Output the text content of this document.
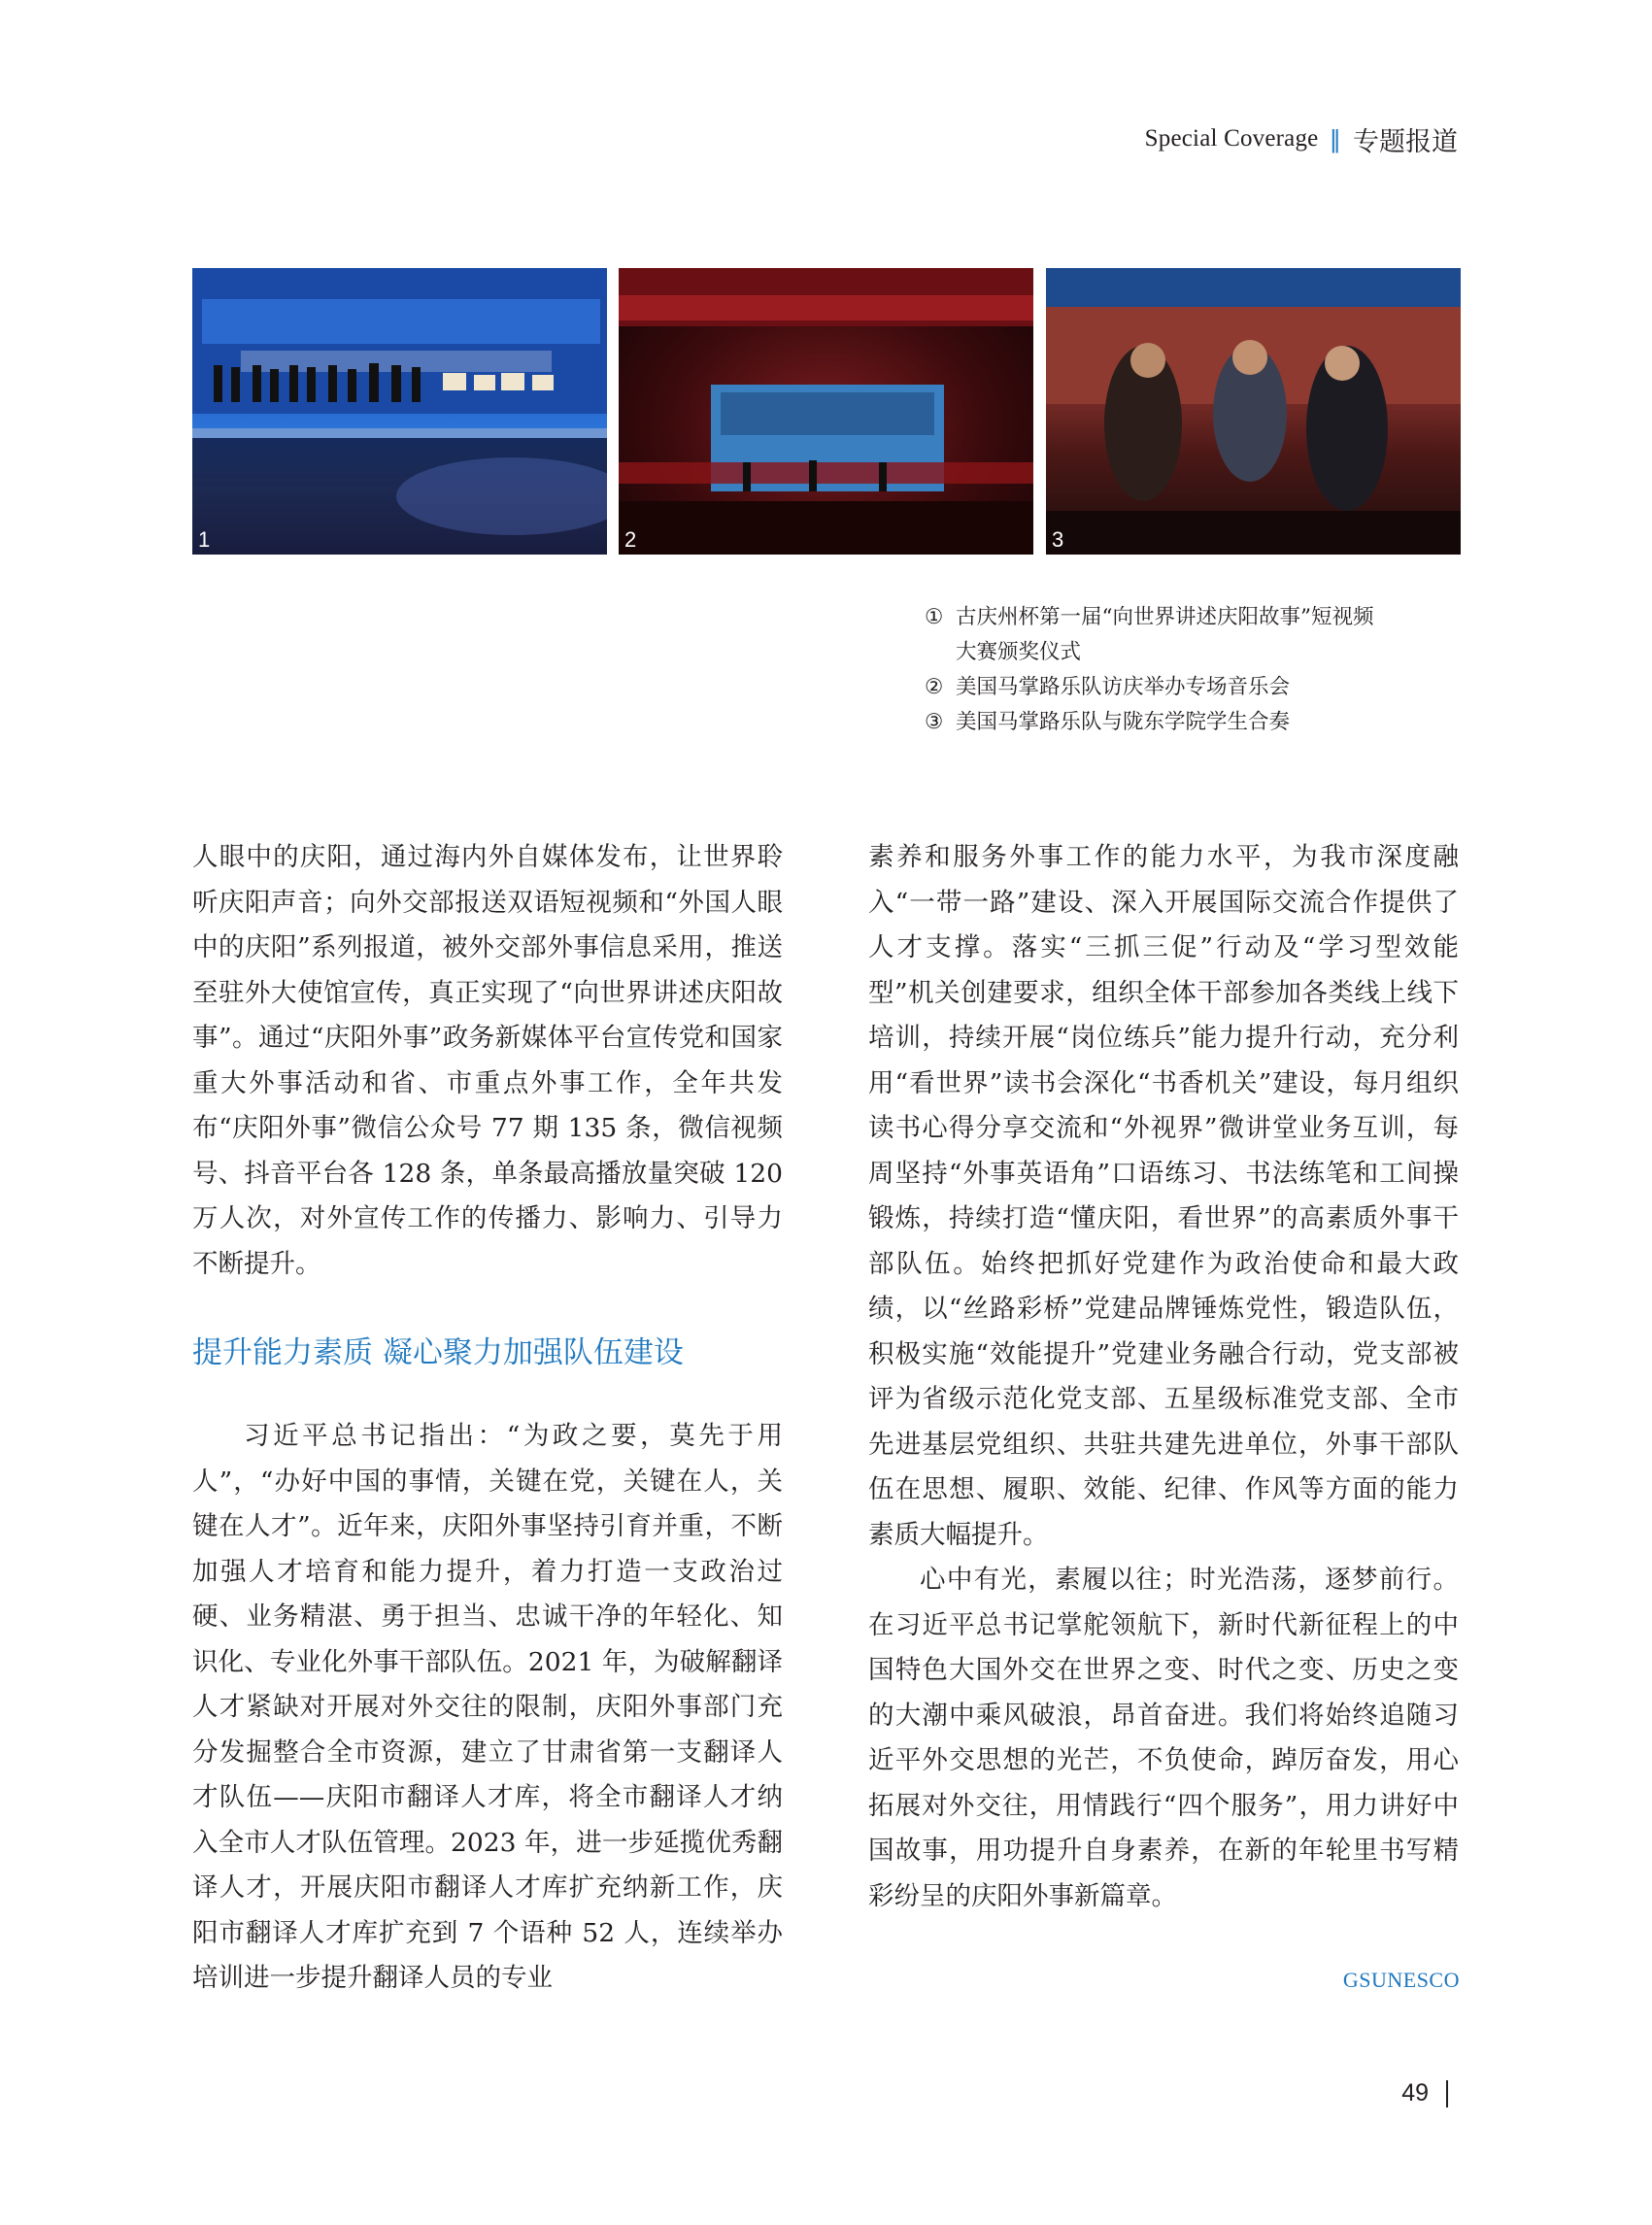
Special Coverage || 专题报道
1	2	3
① 古庆州杯第一届“向世界讲述庆阳故事”短视频
大赛颁奖仪式
② 美国马掌路乐队访庆举办专场音乐会
③ 美国马掌路乐队与陇东学院学生合奏

人眼中的庆阳，通过海内外自媒体发布，让世界聆听庆阳声音；向外交部报送双语短视频和“外国人眼中的庆阳”系列报道，被外交部外事信息采用，推送至驻外大使馆宣传，真正实现了“向世界讲述庆阳故事”。通过“庆阳外事”政务新媒体平台宣传党和国家重大外事活动和省、市重点外事工作，全年共发布“庆阳外事”微信公众号 77 期 135 条，微信视频号、抖音平台各 128 条，单条最高播放量突破 120 万人次，对外宣传工作的传播力、影响力、引导力不断提升。

提升能力素质 凝心聚力加强队伍建设

习近平总书记指出：“为政之要，莫先于用人”，“办好中国的事情，关键在党，关键在人，关键在人才”。近年来，庆阳外事坚持引育并重，不断加强人才培育和能力提升，着力打造一支政治过硬、业务精湛、勇于担当、忠诚干净的年轻化、知识化、专业化外事干部队伍。2021 年，为破解翻译人才紧缺对开展对外交往的限制，庆阳外事部门充分发掘整合全市资源，建立了甘肃省第一支翻译人才队伍——庆阳市翻译人才库，将全市翻译人才纳入全市人才队伍管理。2023 年，进一步延揽优秀翻译人才，开展庆阳市翻译人才库扩充纳新工作，庆阳市翻译人才库扩充到 7 个语种 52 人，连续举办培训进一步提升翻译人员的专业

素养和服务外事工作的能力水平，为我市深度融入“一带一路”建设、深入开展国际交流合作提供了人才支撑。落实“三抓三促”行动及“学习型效能型”机关创建要求，组织全体干部参加各类线上线下培训，持续开展“岗位练兵”能力提升行动，充分利用“看世界”读书会深化“书香机关”建设，每月组织读书心得分享交流和“外视界”微讲堂业务互训，每周坚持“外事英语角”口语练习、书法练笔和工间操锻炼，持续打造“懂庆阳，看世界”的高素质外事干部队伍。始终把抓好党建作为政治使命和最大政绩，以“丝路彩桥”党建品牌锤炼党性，锻造队伍，积极实施“效能提升”党建业务融合行动，党支部被评为省级示范化党支部、五星级标准党支部、全市先进基层党组织、共驻共建先进单位，外事干部队伍在思想、履职、效能、纪律、作风等方面的能力素质大幅提升。

心中有光，素履以往；时光浩荡，逐梦前行。在习近平总书记掌舵领航下，新时代新征程上的中国特色大国外交在世界之变、时代之变、历史之变的大潮中乘风破浪，昂首奋进。我们将始终追随习近平外交思想的光芒，不负使命，踔厉奋发，用心拓展对外交往，用情践行“四个服务”，用力讲好中国故事，用功提升自身素养，在新的年轮里书写精彩纷呈的庆阳外事新篇章。

GSUNESCO
49
